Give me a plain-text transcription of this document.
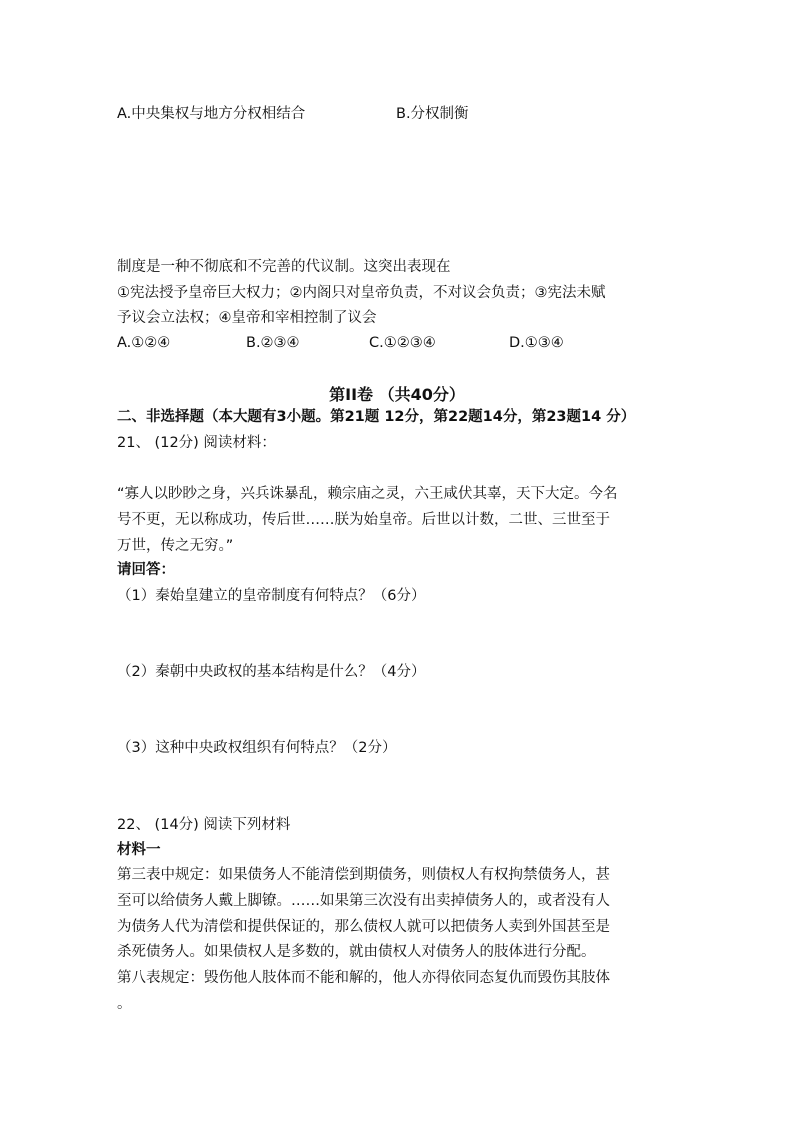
A.中央集权与地方分权相结合	B.分权制衡

制度是一种不彻底和不完善的代议制。这突出表现在

①宪法授予皇帝巨大权力；②内阁只对皇帝负责，不对议会负责；③宪法未赋

予议会立法权；④皇帝和宰相控制了议会

A.①②④	B.②③④	C.①②③④	D.①③④
第II卷 （共40分）

二、非选择题（本大题有3小题。第21题 12分，第22题14分，第23题14 分）

21、 (12分) 阅读材料：

“寡人以眇眇之身，兴兵诛暴乱，赖宗庙之灵，六王咸伏其辜，天下大定。今名

号不更，无以称成功，传后世……朕为始皇帝。后世以计数，二世、三世至于

万世，传之无穷。”

请回答：

（1）秦始皇建立的皇帝制度有何特点？（6分）

（2）秦朝中央政权的基本结构是什么？（4分）

（3）这种中央政权组织有何特点？（2分）

22、 (14分) 阅读下列材料

材料一

第三表中规定：如果债务人不能清偿到期债务，则债权人有权拘禁债务人，甚

至可以给债务人戴上脚镣。……如果第三次没有出卖掉债务人的，或者没有人

为债务人代为清偿和提供保证的，那么债权人就可以把债务人卖到外国甚至是

杀死债务人。如果债权人是多数的，就由债权人对债务人的肢体进行分配。

第八表规定：毁伤他人肢体而不能和解的，他人亦得依同态复仇而毁伤其肢体

。
